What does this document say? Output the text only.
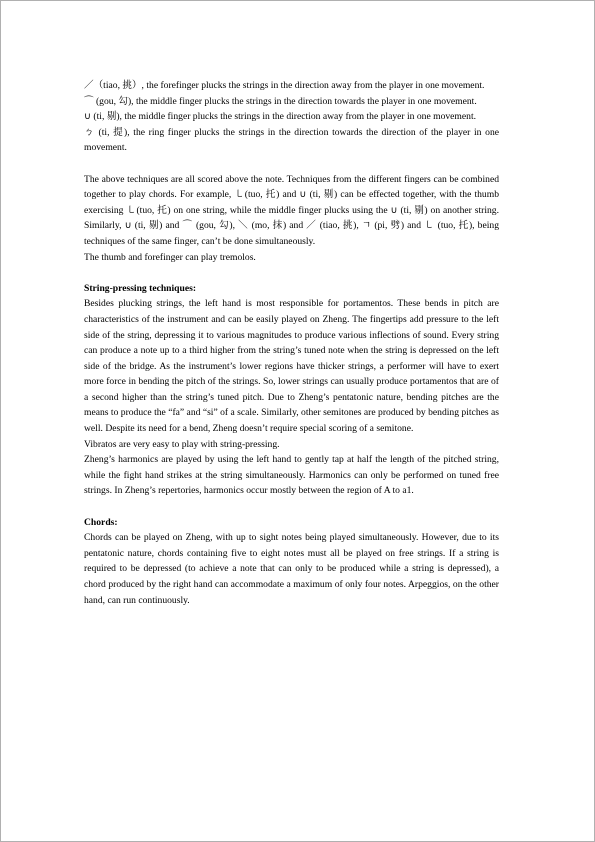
／（tiao, 挑）, the forefinger plucks the strings in the direction away from the player in one movement.

⌒ (gou, 勾), the middle finger plucks the strings in the direction towards the player in one movement.

∪ (ti, 剔), the middle finger plucks the strings in the direction away from the player in one movement.

ㄅ (ti, 提), the ring finger plucks the strings in the direction towards the direction of the player in one movement.

The above techniques are all scored above the note. Techniques from the different fingers can be combined together to play chords. For example, ㇄(tuo, 托) and ∪ (ti, 剔) can be effected together, with the thumb exercising ㇄(tuo, 托) on one string, while the middle finger plucks using the ∪ (ti, 剔) on another string. Similarly, ∪ (ti, 剔) and ⌒ (gou, 勾), ＼ (mo, 抹) and ／ (tiao, 挑), ㄱ (pi, 劈) and ㇄ (tuo, 托), being techniques of the same finger, can’t be done simultaneously.

The thumb and forefinger can play tremolos.

String-pressing techniques:

Besides plucking strings, the left hand is most responsible for portamentos. These bends in pitch are characteristics of the instrument and can be easily played on Zheng. The fingertips add pressure to the left side of the string, depressing it to various magnitudes to produce various inflections of sound. Every string can produce a note up to a third higher from the string’s tuned note when the string is depressed on the left side of the bridge. As the instrument’s lower regions have thicker strings, a performer will have to exert more force in bending the pitch of the strings. So, lower strings can usually produce portamentos that are of a second higher than the string’s tuned pitch. Due to Zheng’s pentatonic nature, bending pitches are the means to produce the “fa” and “si” of a scale. Similarly, other semitones are produced by bending pitches as well. Despite its need for a bend, Zheng doesn’t require special scoring of a semitone.

Vibratos are very easy to play with string-pressing.

Zheng’s harmonics are played by using the left hand to gently tap at half the length of the pitched string, while the fight hand strikes at the string simultaneously. Harmonics can only be performed on tuned free strings. In Zheng’s repertories, harmonics occur mostly between the region of A to a1.

Chords:

Chords can be played on Zheng, with up to sight notes being played simultaneously. However, due to its pentatonic nature, chords containing five to eight notes must all be played on free strings. If a string is required to be depressed (to achieve a note that can only to be produced while a string is depressed), a chord produced by the right hand can accommodate a maximum of only four notes. Arpeggios, on the other hand, can run continuously.
